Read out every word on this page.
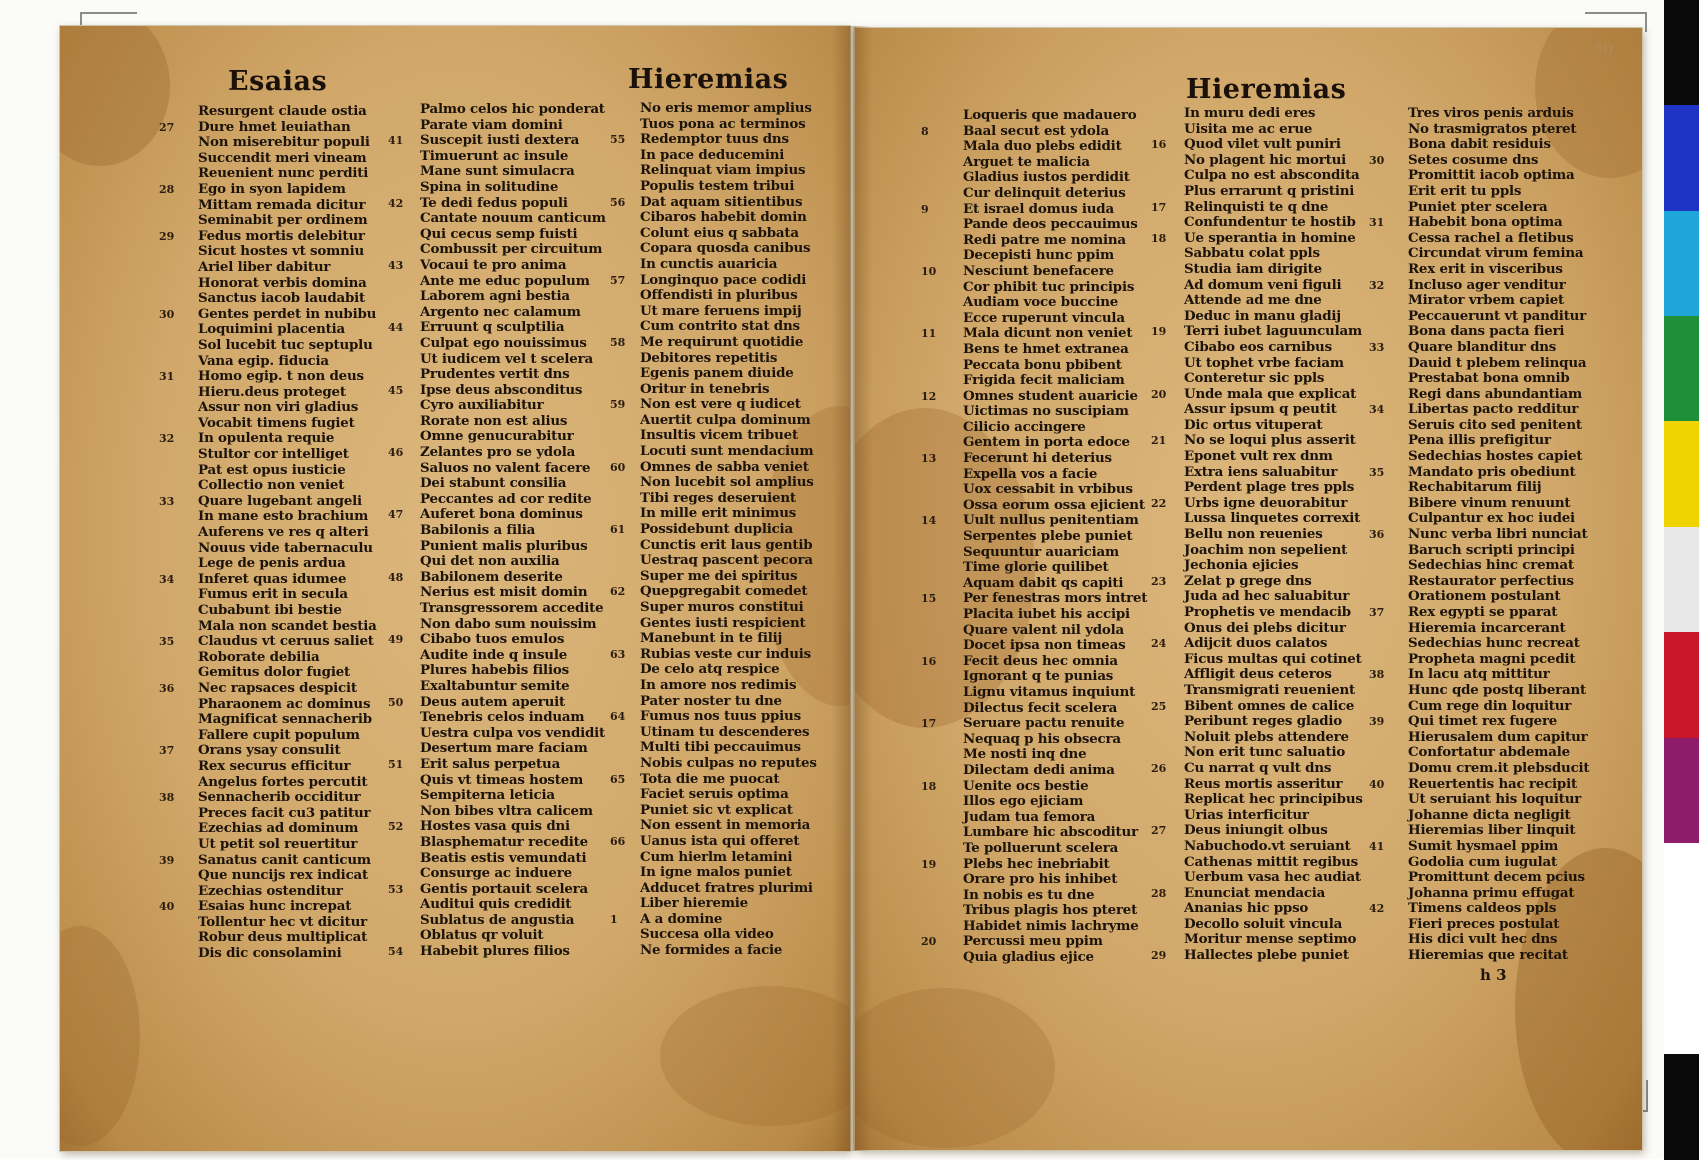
Esaias	Hieremias	Hieremias
50
Resurgent claude ostia
Dure hmet leuiathan
Non miserebitur populi
Succendit meri vineam
Reuenient nunc perditi
Ego in syon lapidem
Mittam remada dicitur
Seminabit per ordinem
Fedus mortis delebitur
Sicut hostes vt somniu
Ariel liber dabitur
Honorat verbis domina
Sanctus iacob laudabit
Gentes perdet in nubibu
Loquimini placentia
Sol lucebit tuc septuplu
Vana egip. fiducia
Homo egip. t non deus
Hieru.deus proteget
Assur non viri gladius
Vocabit timens fugiet
In opulenta requie
Stultor cor intelliget
Pat est opus iusticie
Collectio non veniet
Quare lugebant angeli
In mane esto brachium
Auferens ve res q alteri
Nouus vide tabernaculu
Lege de penis ardua
Inferet quas idumee
Fumus erit in secula
Cubabunt ibi bestie
Mala non scandet bestia
Claudus vt ceruus saliet
Roborate debilia
Gemitus dolor fugiet
Nec rapsaces despicit
Pharaonem ac dominus
Magnificat sennacherib
Fallere cupit populum
Orans ysay consulit
Rex securus efficitur
Angelus fortes percutit
Sennacherib occiditur
Preces facit cu3 patitur
Ezechias ad dominum
Ut petit sol reuertitur
Sanatus canit canticum
Que nuncijs rex indicat
Ezechias ostenditur
Esaias hunc increpat
Tollentur hec vt dicitur
Robur deus multiplicat
Dis dic consolamini
27
28
29
30
31
32
33
34
35
36
37
38
39
40
Palmo celos hic ponderat
Parate viam domini
Suscepit iusti dextera
Timuerunt ac insule
Mane sunt simulacra
Spina in solitudine
Te dedi fedus populi
Cantate nouum canticum
Qui cecus semp fuisti
Combussit per circuitum
Vocaui te pro anima
Ante me educ populum
Laborem agni bestia
Argento nec calamum
Erruunt q sculptilia
Culpat ego nouissimus
Ut iudicem vel t scelera
Prudentes vertit dns
Ipse deus absconditus
Cyro auxiliabitur
Rorate non est alius
Omne genucurabitur
Zelantes pro se ydola
Saluos no valent facere
Dei stabunt consilia
Peccantes ad cor redite
Auferet bona dominus
Babilonis a filia
Punient malis pluribus
Qui det non auxilia
Babilonem deserite
Nerius est misit domin
Transgressorem accedite
Non dabo sum nouissim
Cibabo tuos emulos
Audite inde q insule
Plures habebis filios
Exaltabuntur semite
Deus autem aperuit
Tenebris celos induam
Uestra culpa vos vendidit
Desertum mare faciam
Erit salus perpetua
Quis vt timeas hostem
Sempiterna leticia
Non bibes vltra calicem
Hostes vasa quis dni
Blasphematur recedite
Beatis estis vemundati
Consurge ac induere
Gentis portauit scelera
Auditui quis credidit
Sublatus de angustia
Oblatus qr voluit
Habebit plures filios
41
42
43
44
45
46
47
48
49
50
51
52
53
54
No eris memor amplius
Tuos pona ac terminos
Redemptor tuus dns
In pace deducemini
Relinquat viam impius
Populis testem tribui
Dat aquam sitientibus
Cibaros habebit domin
Colunt eius q sabbata
Copara quosda canibus
In cunctis auaricia
Longinquo pace codidi
Offendisti in pluribus
Ut mare feruens impij
Cum contrito stat dns
Me requirunt quotidie
Debitores repetitis
Egenis panem diuide
Oritur in tenebris
Non est vere q iudicet
Auertit culpa dominum
Insultis vicem tribuet
Locuti sunt mendacium
Omnes de sabba veniet
Non lucebit sol amplius
Tibi reges deseruient
In mille erit minimus
Possidebunt duplicia
Cunctis erit laus gentib
Uestraq pascent pecora
Super me dei spiritus
Quepgregabit comedet
Super muros constitui
Gentes iusti respicient
Manebunt in te filij
Rubias veste cur induis
De celo atq respice
In amore nos redimis
Pater noster tu dne
Fumus nos tuus ppius
Utinam tu descenderes
Multi tibi peccauimus
Nobis culpas no reputes
Tota die me puocat
Faciet seruis optima
Puniet sic vt explicat
Non essent in memoria
Uanus ista qui offeret
Cum hierlm letamini
In igne malos puniet
Adducet fratres plurimi
Liber hieremie
A a domine
Succesa olla video
Ne formides a facie
55
56
57
58
59
60
61
62
63
64
65
66
1
Loqueris que madauero
Baal secut est ydola
Mala duo plebs edidit
Arguet te malicia
Gladius iustos perdidit
Cur delinquit deterius
Et israel domus iuda
Pande deos peccauimus
Redi patre me nomina
Decepisti hunc ppim
Nesciunt benefacere
Cor phibit tuc principis
Audiam voce buccine
Ecce ruperunt vincula
Mala dicunt non veniet
Bens te hmet extranea
Peccata bonu pbibent
Frigida fecit maliciam
Omnes student auaricie
Uictimas no suscipiam
Cilicio accingere
Gentem in porta edoce
Fecerunt hi deterius
Expella vos a facie
Uox cessabit in vrbibus
Ossa eorum ossa ejicient
Uult nullus penitentiam
Serpentes plebe puniet
Sequuntur auariciam
Time glorie quilibet
Aquam dabit qs capiti
Per fenestras mors intret
Placita iubet his accipi
Quare valent nil ydola
Docet ipsa non timeas
Fecit deus hec omnia
Ignorant q te punias
Lignu vitamus inquiunt
Dilectus fecit scelera
Seruare pactu renuite
Nequaq p his obsecra
Me nosti inq dne
Dilectam dedi anima
Uenite ocs bestie
Illos ego ejiciam
Judam tua femora
Lumbare hic abscoditur
Te polluerunt scelera
Plebs hec inebriabit
Orare pro his inhibet
In nobis es tu dne
Tribus plagis hos pteret
Habidet nimis lachryme
Percussi meu ppim
Quia gladius ejice
8
9
10
11
12
13
14
15
16
17
18
19
20
In muru dedi eres
Uisita me ac erue
Quod vilet vult puniri
No plagent hic mortui
Culpa no est abscondita
Plus errarunt q pristini
Relinquisti te q dne
Confundentur te hostib
Ue sperantia in homine
Sabbatu colat ppls
Studia iam dirigite
Ad domum veni figuli
Attende ad me dne
Deduc in manu gladij
Terri iubet laguunculam
Cibabo eos carnibus
Ut tophet vrbe faciam
Conteretur sic ppls
Unde mala que explicat
Assur ipsum q peutit
Dic ortus vituperat
No se loqui plus asserit
Eponet vult rex dnm
Extra iens saluabitur
Perdent plage tres ppls
Urbs igne deuorabitur
Lussa linquetes correxit
Bellu non reuenies
Joachim non sepelient
Jechonia ejicies
Zelat p grege dns
Juda ad hec saluabitur
Prophetis ve mendacib
Onus dei plebs dicitur
Adijcit duos calatos
Ficus multas qui cotinet
Affligit deus ceteros
Transmigrati reuenient
Bibent omnes de calice
Peribunt reges gladio
Noluit plebs attendere
Non erit tunc saluatio
Cu narrat q vult dns
Reus mortis asseritur
Replicat hec principibus
Urias interficitur
Deus iniungit olbus
Nabuchodo.vt seruiant
Cathenas mittit regibus
Uerbum vasa hec audiat
Enunciat mendacia
Ananias hic ppso
Decollo soluit vincula
Moritur mense septimo
Hallectes plebe puniet
16
17
18
19
20
21
22
23
24
25
26
27
28
29
Tres viros penis arduis
No trasmigratos pteret
Bona dabit residuis
Setes cosume dns
Promittit iacob optima
Erit erit tu ppls
Puniet pter scelera
Habebit bona optima
Cessa rachel a fletibus
Circundat virum femina
Rex erit in visceribus
Incluso ager venditur
Mirator vrbem capiet
Peccauerunt vt panditur
Bona dans pacta fieri
Quare blanditur dns
Dauid t plebem relinqua
Prestabat bona omnib
Regi dans abundantiam
Libertas pacto redditur
Seruis cito sed penitent
Pena illis prefigitur
Sedechias hostes capiet
Mandato pris obediunt
Rechabitarum filij
Bibere vinum renuunt
Culpantur ex hoc iudei
Nunc verba libri nunciat
Baruch scripti principi
Sedechias hinc cremat
Restaurator perfectius
Orationem postulant
Rex egypti se pparat
Hieremia incarcerant
Sedechias hunc recreat
Propheta magni pcedit
In lacu atq mittitur
Hunc qde postq liberant
Cum rege din loquitur
Qui timet rex fugere
Hierusalem dum capitur
Confortatur abdemale
Domu crem.it plebsducit
Reuertentis hac recipit
Ut seruiant his loquitur
Johanne dicta negligit
Hieremias liber linquit
Sumit hysmael ppim
Godolia cum iugulat
Promittunt decem pcius
Johanna primu effugat
Timens caldeos ppls
Fieri preces postulat
His dici vult hec dns
Hieremias que recitat
30
31
32
33
34
35
36
37
38
39
40
41
42
h 3
